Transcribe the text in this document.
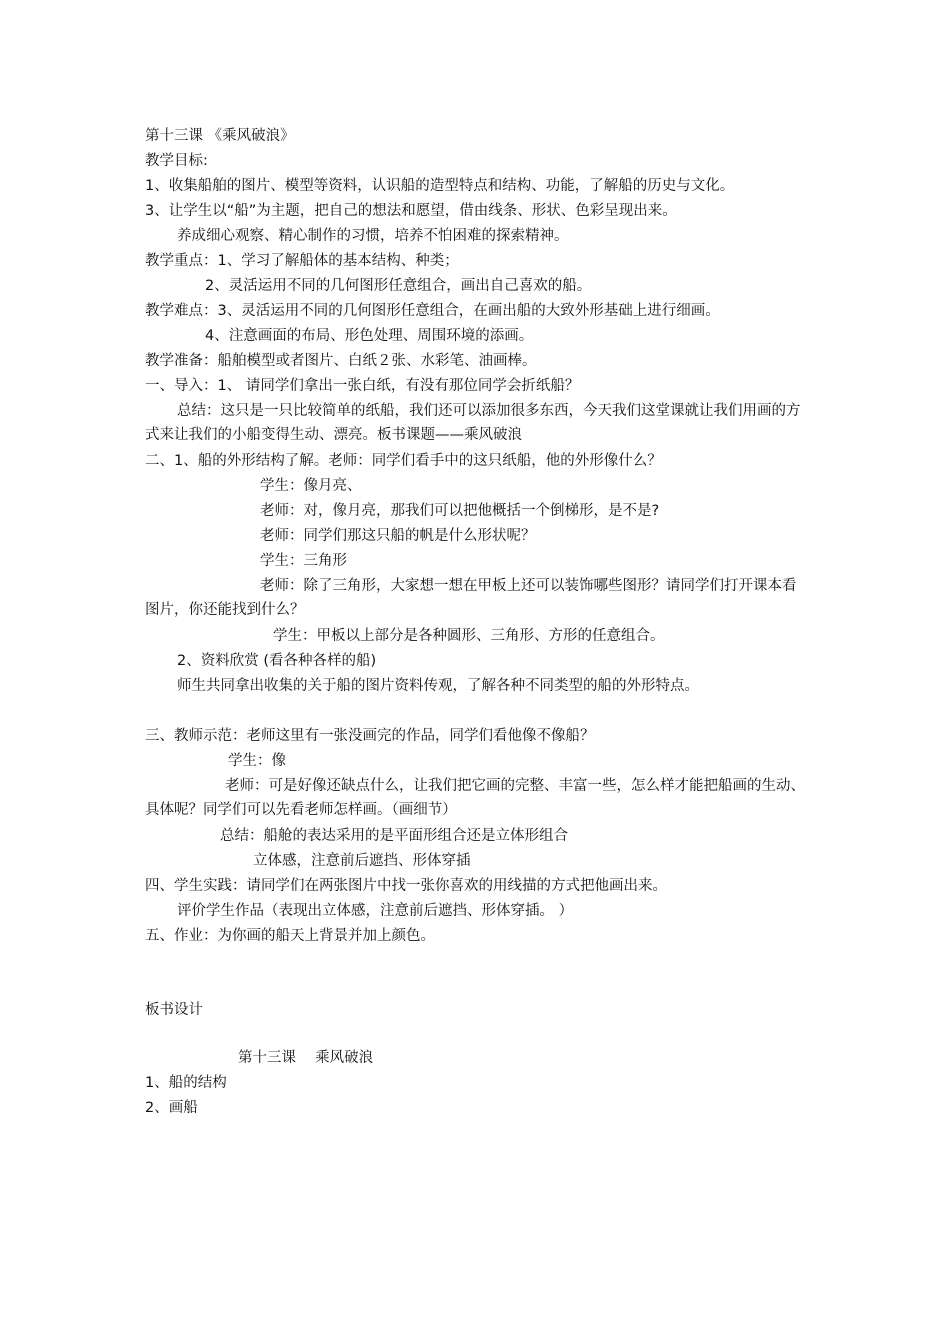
第十三课 《乘风破浪》
教学目标:
1、收集船舶的图片、模型等资料，认识船的造型特点和结构、功能，了解船的历史与文化。
3、让学生以“船”为主题，把自己的想法和愿望，借由线条、形状、色彩呈现出来。
养成细心观察、精心制作的习惯，培养不怕困难的探索精神。
教学重点：1、学习了解船体的基本结构、种类；
2、灵活运用不同的几何图形任意组合，画出自己喜欢的船。
教学难点：3、灵活运用不同的几何图形任意组合，在画出船的大致外形基础上进行细画。
4、注意画面的布局、形色处理、周围环境的添画。
教学准备：船舶模型或者图片、白纸２张、水彩笔、油画棒。
一、导入：1、 请同学们拿出一张白纸，有没有那位同学会折纸船？
总结：这只是一只比较简单的纸船，我们还可以添加很多东西，今天我们这堂课就让我们用画的方式来让我们的小船变得生动、漂亮。板书课题——乘风破浪
二、1、船的外形结构了解。老师：同学们看手中的这只纸船，他的外形像什么？
学生：像月亮、
老师：对，像月亮，那我们可以把他概括一个倒梯形，是不是?
老师：同学们那这只船的帆是什么形状呢？
学生：三角形
老师：除了三角形，大家想一想在甲板上还可以装饰哪些图形？请同学们打开课本看图片，你还能找到什么？
学生：甲板以上部分是各种圆形、三角形、方形的任意组合。
2、资料欣赏 (看各种各样的船)
师生共同拿出收集的关于船的图片资料传观，了解各种不同类型的船的外形特点。
三、教师示范：老师这里有一张没画完的作品，同学们看他像不像船？
学生：像
老师：可是好像还缺点什么，让我们把它画的完整、丰富一些，怎么样才能把船画的生动、具体呢？同学们可以先看老师怎样画。（画细节）
总结：船舱的表达采用的是平面形组合还是立体形组合
立体感，注意前后遮挡、形体穿插
四、学生实践：请同学们在两张图片中找一张你喜欢的用线描的方式把他画出来。
评价学生作品（表现出立体感，注意前后遮挡、形体穿插。 ）
五、作业：为你画的船天上背景并加上颜色。
板书设计
第十三课　 乘风破浪
1、船的结构
2、画船
